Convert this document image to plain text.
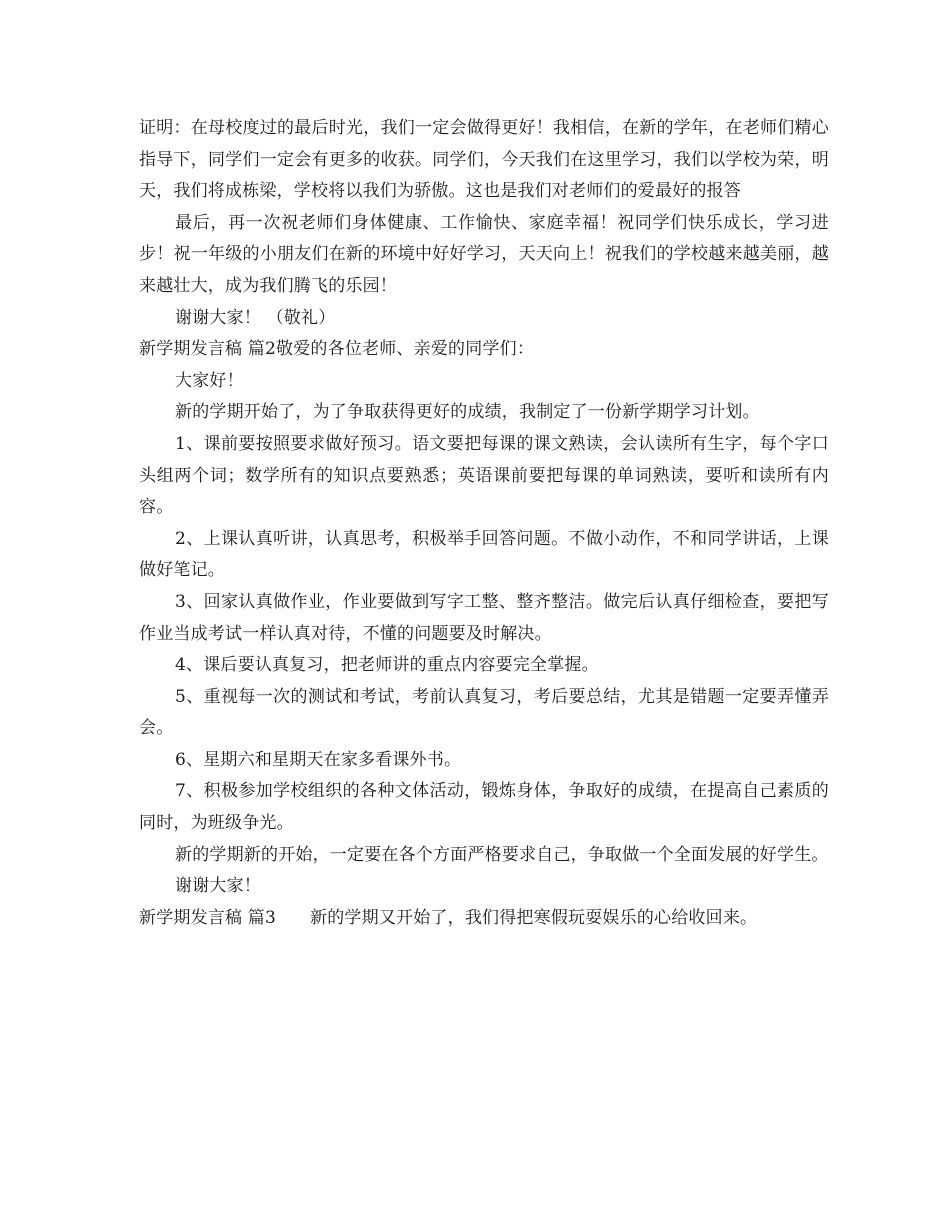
证明：在母校度过的最后时光，我们一定会做得更好！我相信，在新的学年，在老师们精心指导下，同学们一定会有更多的收获。同学们，今天我们在这里学习，我们以学校为荣，明天，我们将成栋梁，学校将以我们为骄傲。这也是我们对老师们的爱最好的报答

最后，再一次祝老师们身体健康、工作愉快、家庭幸福！祝同学们快乐成长，学习进步！祝一年级的小朋友们在新的环境中好好学习，天天向上！祝我们的学校越来越美丽，越来越壮大，成为我们腾飞的乐园！

谢谢大家！ （敬礼）

新学期发言稿 篇2敬爱的各位老师、亲爱的同学们：

大家好！

新的学期开始了，为了争取获得更好的成绩，我制定了一份新学期学习计划。

1、课前要按照要求做好预习。语文要把每课的课文熟读，会认读所有生字，每个字口头组两个词；数学所有的知识点要熟悉；英语课前要把每课的单词熟读，要听和读所有内容。

2、上课认真听讲，认真思考，积极举手回答问题。不做小动作，不和同学讲话，上课做好笔记。

3、回家认真做作业，作业要做到写字工整、整齐整洁。做完后认真仔细检查，要把写作业当成考试一样认真对待，不懂的问题要及时解决。

4、课后要认真复习，把老师讲的重点内容要完全掌握。

5、重视每一次的测试和考试，考前认真复习，考后要总结，尤其是错题一定要弄懂弄会。

6、星期六和星期天在家多看课外书。

7、积极参加学校组织的各种文体活动，锻炼身体，争取好的成绩，在提高自己素质的同时，为班级争光。

新的学期新的开始，一定要在各个方面严格要求自己，争取做一个全面发展的好学生。

谢谢大家！

新学期发言稿 篇3 新的学期又开始了，我们得把寒假玩耍娱乐的心给收回来。
